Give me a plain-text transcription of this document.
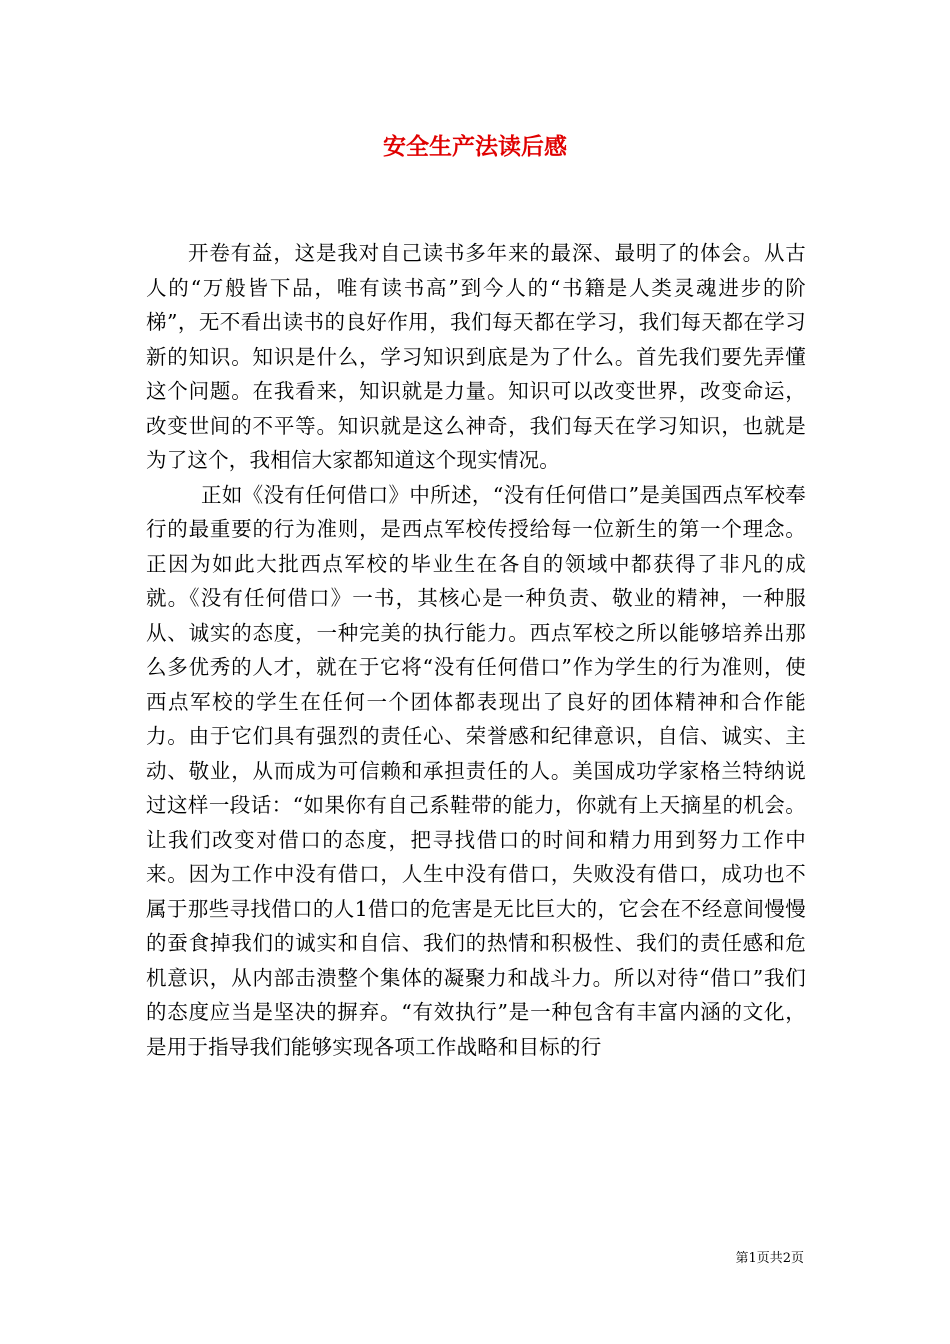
安全生产法读后感

开卷有益，这是我对自己读书多年来的最深、最明了的体会。从古人的“万般皆下品，唯有读书高”到今人的“书籍是人类灵魂进步的阶梯”，无不看出读书的良好作用，我们每天都在学习，我们每天都在学习新的知识。知识是什么，学习知识到底是为了什么。首先我们要先弄懂这个问题。在我看来，知识就是力量。知识可以改变世界，改变命运，改变世间的不平等。知识就是这么神奇，我们每天在学习知识，也就是为了这个，我相信大家都知道这个现实情况。

正如《没有任何借口》中所述，“没有任何借口”是美国西点军校奉行的最重要的行为准则，是西点军校传授给每一位新生的第一个理念。正因为如此大批西点军校的毕业生在各自的领域中都获得了非凡的成就。《没有任何借口》一书，其核心是一种负责、敬业的精神，一种服从、诚实的态度，一种完美的执行能力。西点军校之所以能够培养出那么多优秀的人才，就在于它将“没有任何借口”作为学生的行为准则，使西点军校的学生在任何一个团体都表现出了良好的团体精神和合作能力。由于它们具有强烈的责任心、荣誉感和纪律意识，自信、诚实、主动、敬业，从而成为可信赖和承担责任的人。美国成功学家格兰特纳说过这样一段话：“如果你有自己系鞋带的能力，你就有上天摘星的机会。让我们改变对借口的态度，把寻找借口的时间和精力用到努力工作中来。因为工作中没有借口，人生中没有借口，失败没有借口，成功也不属于那些寻找借口的人1借口的危害是无比巨大的，它会在不经意间慢慢的蚕食掉我们的诚实和自信、我们的热情和积极性、我们的责任感和危机意识，从内部击溃整个集体的凝聚力和战斗力。所以对待“借口”我们的态度应当是坚决的摒弃。“有效执行”是一种包含有丰富内涵的文化，是用于指导我们能够实现各项工作战略和目标的行

第1页共2页
